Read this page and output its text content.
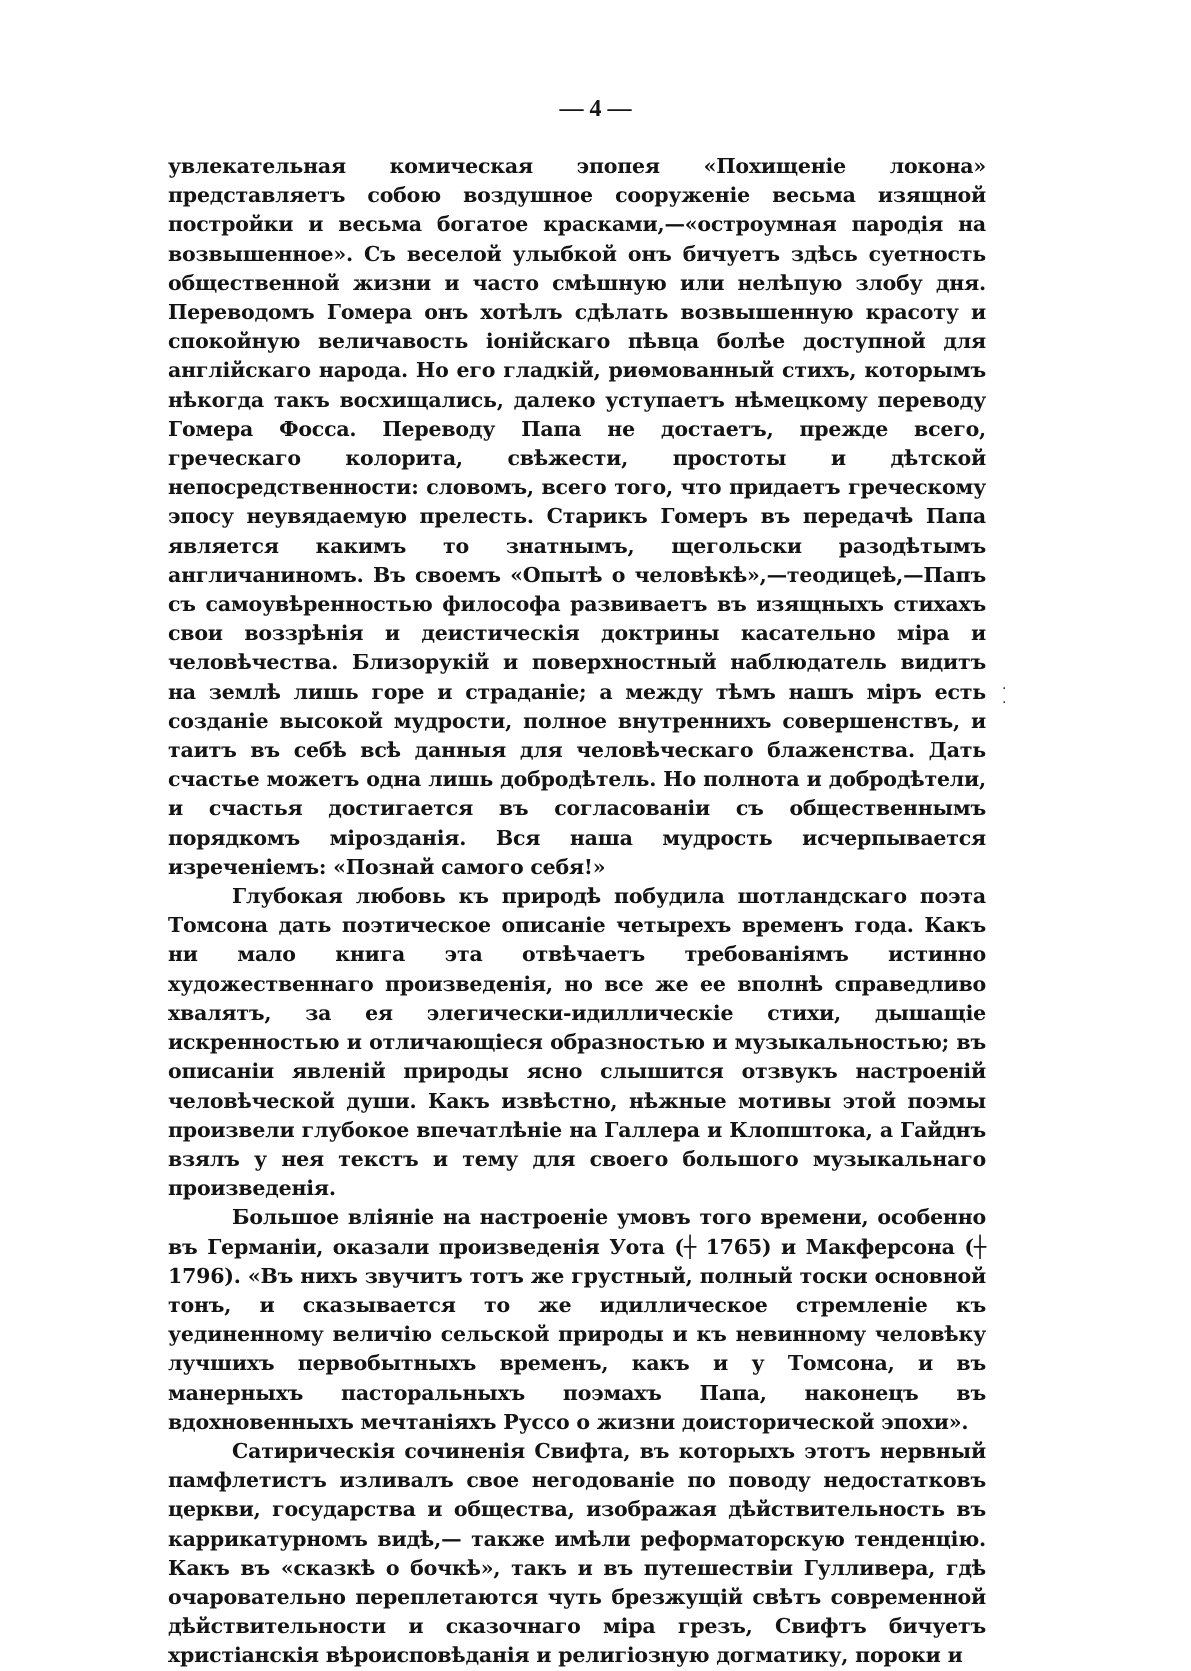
— 4 —

увлекательная комическая эпопея «Похищеніе локона» представляетъ собою воздушное сооруженіе весьма изящной постройки и весьма богатое красками,—«остроумная пародія на возвышенное». Съ веселой улыбкой онъ бичуетъ здѣсь суетность общественной жизни и часто смѣшную или нелѣпую злобу дня. Переводомъ Гомера онъ хотѣлъ сдѣлать возвышенную красоту и спокойную величавость іонійскаго пѣвца болѣе доступной для англійскаго народа. Но его гладкій, риѳмованный стихъ, которымъ нѣкогда такъ восхищались, далеко уступаетъ нѣмецкому переводу Гомера Фосса. Переводу Папа не достаетъ, прежде всего, греческаго колорита, свѣжести, простоты и дѣтской непосредственности: словомъ, всего того, что придаетъ греческому эпосу неувядаемую прелесть. Старикъ Гомеръ въ передачѣ Папа является какимъ то знатнымъ, щегольски разодѣтымъ англичаниномъ. Въ своемъ «Опытѣ о человѣкѣ»,—теодицеѣ,—Папъ съ самоувѣренностью философа развиваетъ въ изящныхъ стихахъ свои воззрѣнія и деистическія доктрины касательно міра и человѣчества. Близорукій и поверхностный наблюдатель видитъ на землѣ лишь горе и страданіе; а между тѣмъ нашъ міръ есть созданіе высокой мудрости, полное внутреннихъ совершенствъ, и таитъ въ себѣ всѣ данныя для человѣческаго блаженства. Дать счастье можетъ одна лишь добродѣтель. Но полнота и добродѣтели, и счастья достигается въ согласованіи съ общественнымъ порядкомъ мірозданія. Вся наша мудрость исчерпывается изреченіемъ: «Познай самого себя!»

Глубокая любовь къ природѣ побудила шотландскаго поэта Томсона дать поэтическое описаніе четырехъ временъ года. Какъ ни мало книга эта отвѣчаетъ требованіямъ истинно художественнаго произведенія, но все же ее вполнѣ справедливо хвалятъ, за ея элегически-идиллическіе стихи, дышащіе искренностью и отличающіеся образностью и музыкальностью; въ описаніи явленій природы ясно слышится отзвукъ настроеній человѣческой души. Какъ извѣстно, нѣжные мотивы этой поэмы произвели глубокое впечатлѣніе на Галлера и Клопштока, а Гайднъ взялъ у нея текстъ и тему для своего большого музыкальнаго произведенія.

Большое вліяніе на настроеніе умовъ того времени, особенно въ Германіи, оказали произведенія Уота (┼ 1765) и Макферсона (┼ 1796). «Въ нихъ звучитъ тотъ же грустный, полный тоски основной тонъ, и сказывается то же идиллическое стремленіе къ уединенному величію сельской природы и къ невинному человѣку лучшихъ первобытныхъ временъ, какъ и у Томсона, и въ манерныхъ пасторальныхъ поэмахъ Папа, наконецъ въ вдохновенныхъ мечтаніяхъ Руссо о жизни доисторической эпохи».

Сатирическія сочиненія Свифта, въ которыхъ этотъ нервный памфлетистъ изливалъ свое негодованіе по поводу недостатковъ церкви, государства и общества, изображая дѣйствительность въ каррикатурномъ видѣ,— также имѣли реформаторскую тенденцію. Какъ въ «сказкѣ о бочкѣ», такъ и въ путешествіи Гулливера, гдѣ очаровательно переплетаются чуть брезжущій свѣтъ современной дѣйствительности и сказочнаго міра грезъ, Свифтъ бичуетъ христіанскія вѣроисповѣданія и религіозную догматику, пороки и

·
·
